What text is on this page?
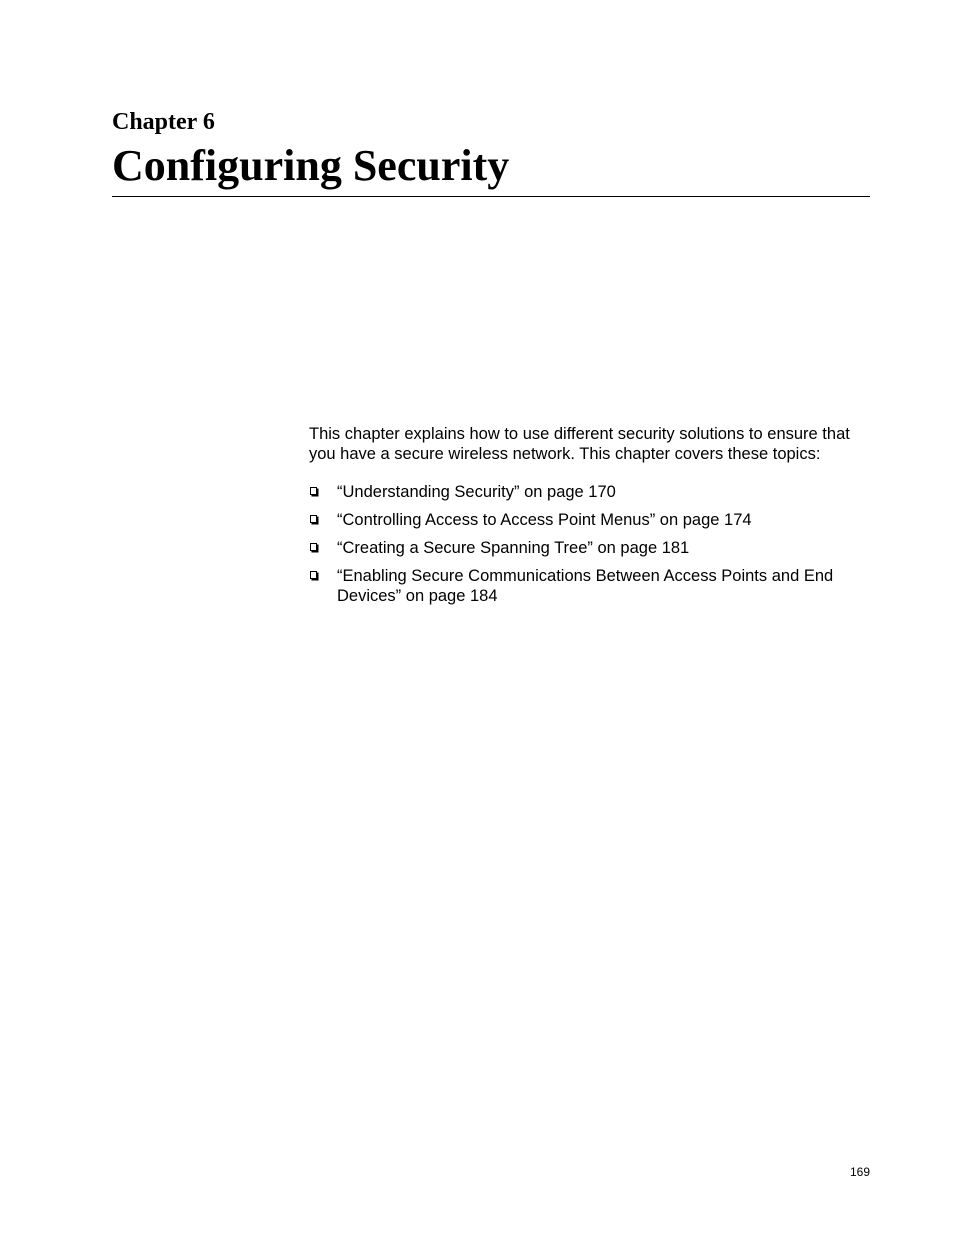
Chapter 6
Configuring Security

This chapter explains how to use different security solutions to ensure that you have a secure wireless network. This chapter covers these topics:

“Understanding Security” on page 170
“Controlling Access to Access Point Menus” on page 174
“Creating a Secure Spanning Tree” on page 181
“Enabling Secure Communications Between Access Points and End Devices” on page 184

169
